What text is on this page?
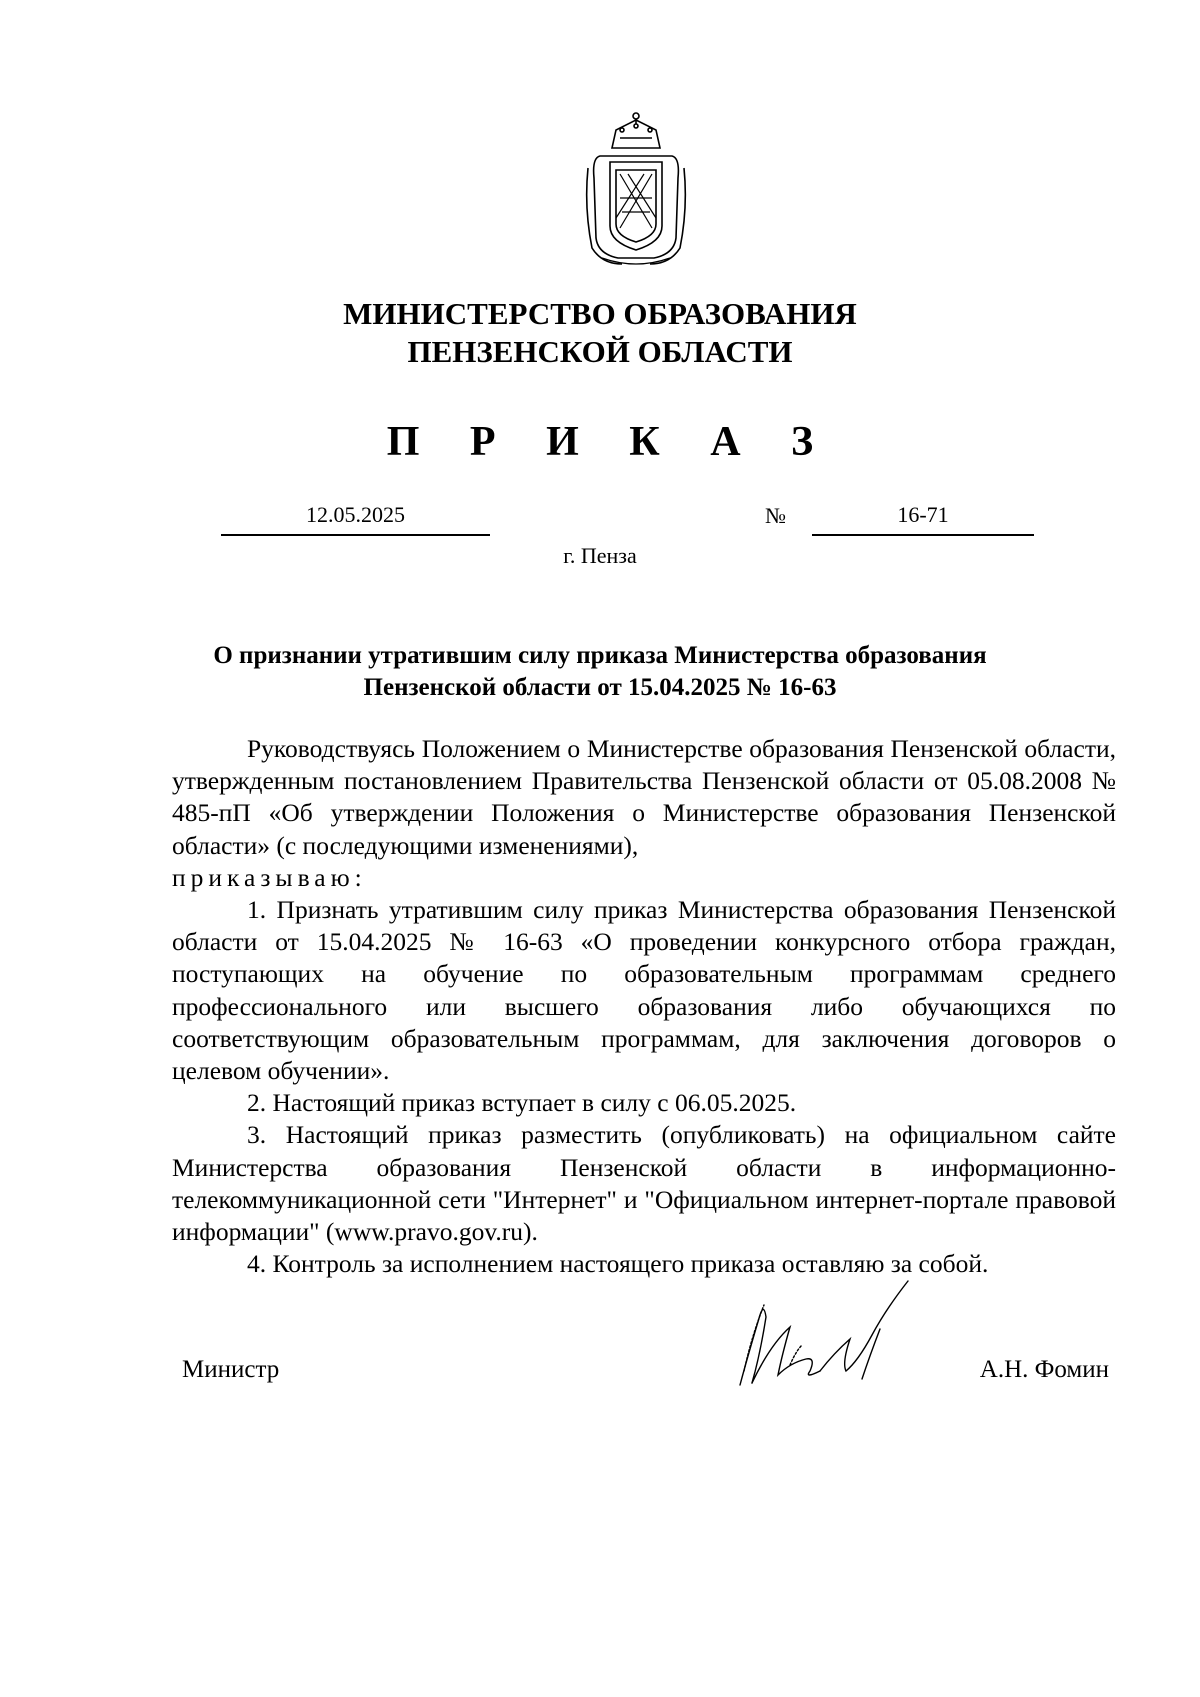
МИНИСТЕРСТВО ОБРАЗОВАНИЯ
ПЕНЗЕНСКОЙ ОБЛАСТИ
П Р И К А З
12.05.2025	№	16-71
г. Пенза
О признании утратившим силу приказа Министерства образования
Пензенской области от 15.04.2025 № 16-63

Руководствуясь Положением о Министерстве образования Пензенской области, утвержденным постановлением Правительства Пензенской области от 05.08.2008 № 485-пП «Об утверждении Положения о Министерстве образования Пензенской области» (с последующими изменениями),

приказываю:

1. Признать утратившим силу приказ Министерства образования Пензенской области от 15.04.2025 № 16-63 «О проведении конкурсного отбора граждан, поступающих на обучение по образовательным программам среднего профессионального или высшего образования либо обучающихся по соответствующим образовательным программам, для заключения договоров о целевом обучении».

2. Настоящий приказ вступает в силу с 06.05.2025.

3. Настоящий приказ разместить (опубликовать) на официальном сайте Министерства образования Пензенской области в информационно-телекоммуникационной сети "Интернет" и "Официальном интернет-портале правовой информации" (www.pravo.gov.ru).

4. Контроль за исполнением настоящего приказа оставляю за собой.

Министр	А.Н. Фомин
